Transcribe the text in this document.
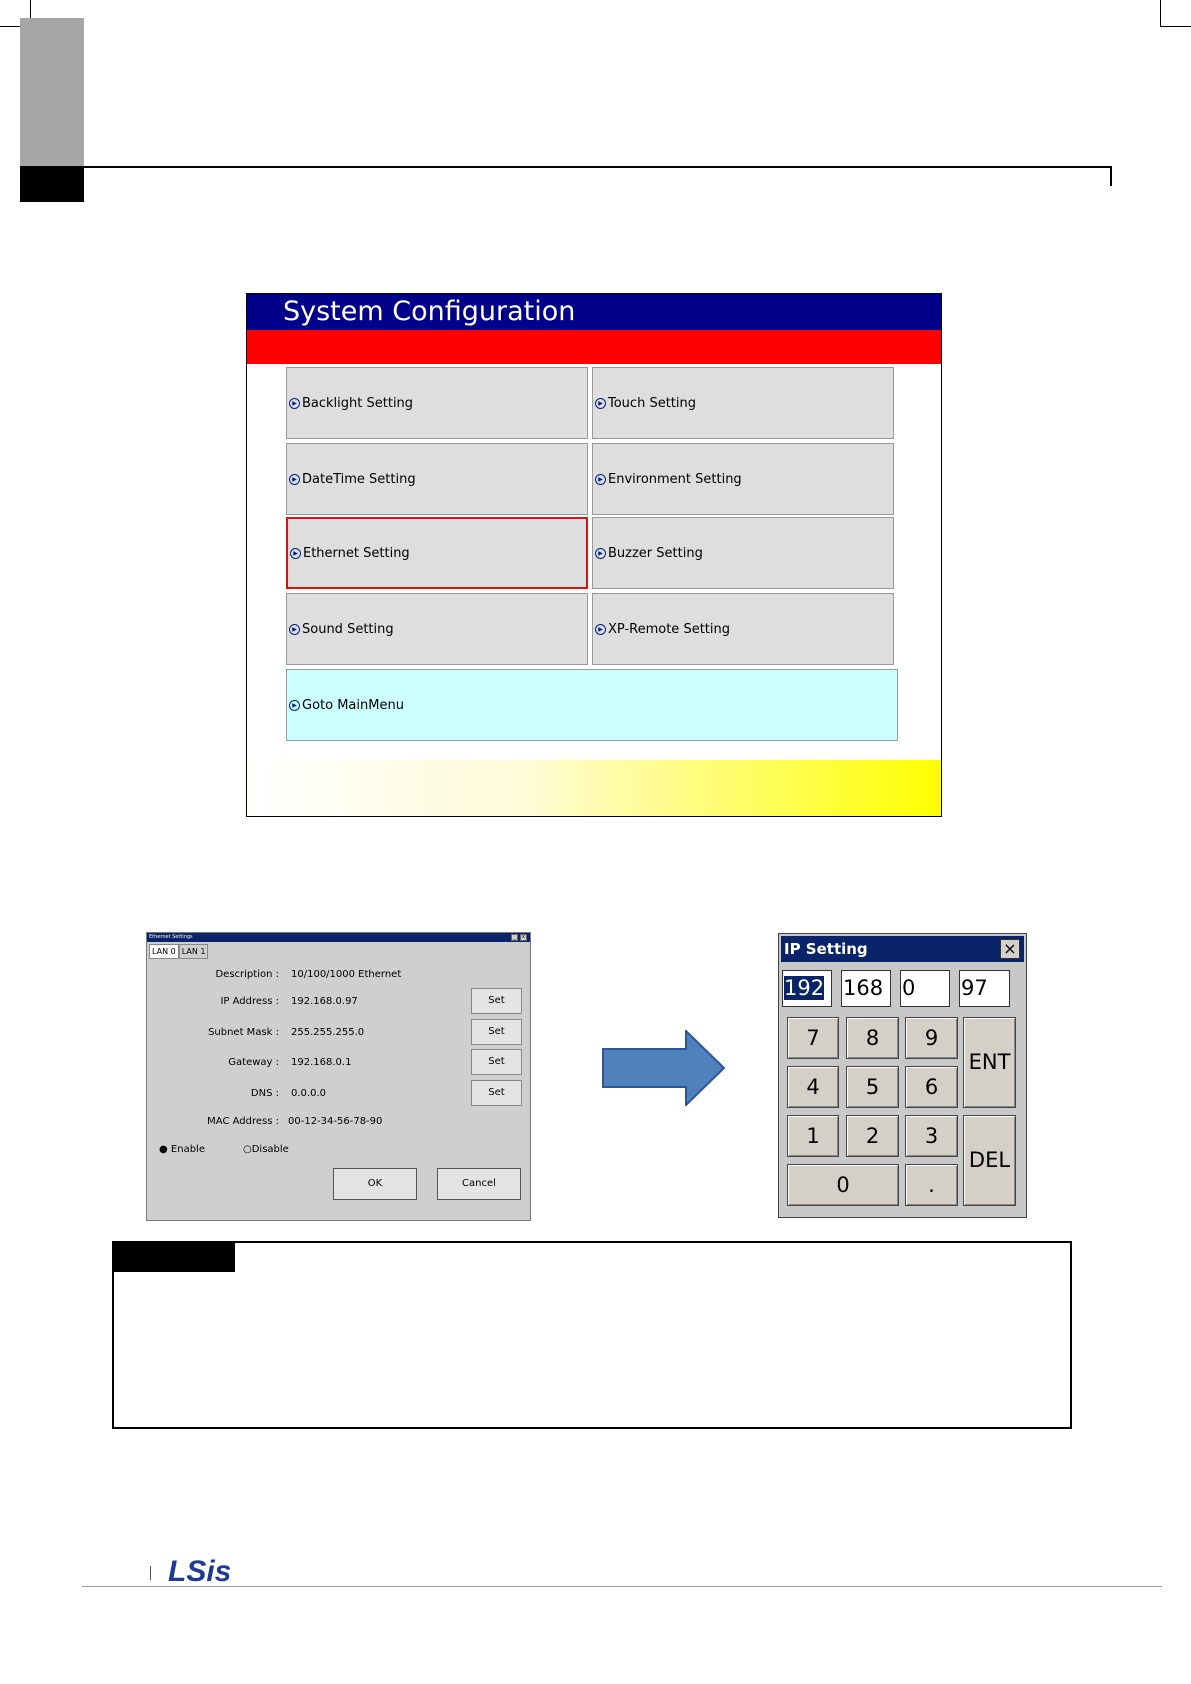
System Configuration
▶ Backlight Setting	▶ Touch Setting
▶ DateTime Setting	▶ Environment Setting
▶ Ethernet Setting	▶ Buzzer Setting
▶ Sound Setting	▶ XP-Remote Setting
▶ Goto MainMenu
Ethernet Settings	_	x
LAN 0 LAN 1
Description : 10/100/1000 Ethernet
IP Address : 192.168.0.97	Set
Subnet Mask : 255.255.255.0	Set
Gateway : 192.168.0.1	Set
DNS : 0.0.0.0	Set
MAC Address : 00-12-34-56-78-90
● Enable	○Disable
OK	Cancel
IP Setting	×
192 168 0	97
7	8	9
ENT
4	5	6
1	2	3
DEL
0	.
LSis
